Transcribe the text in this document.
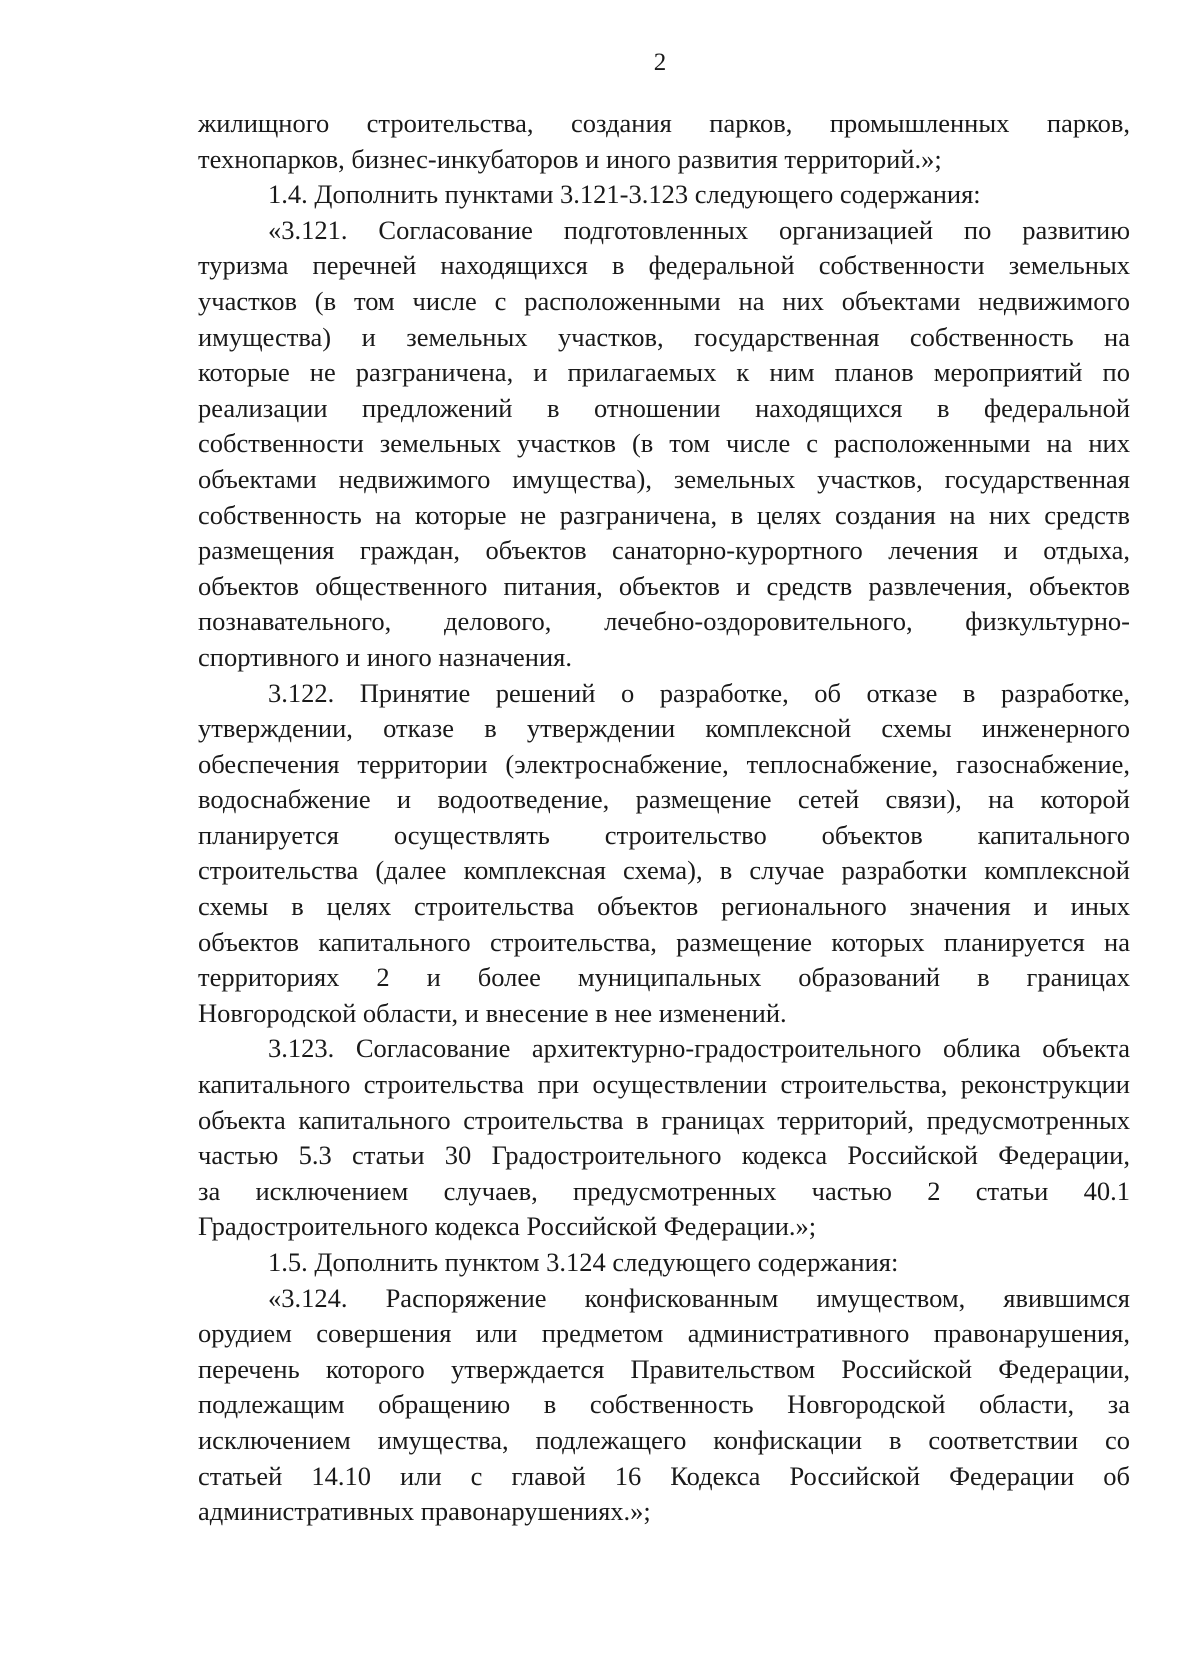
2
жилищного строительства, создания парков, промышленных парков,
технопарков, бизнес-инкубаторов и иного развития территорий.»;
1.4. Дополнить пунктами 3.121-3.123 следующего содержания:
«3.121. Согласование подготовленных организацией по развитию
туризма перечней находящихся в федеральной собственности земельных
участков (в том числе с расположенными на них объектами недвижимого
имущества) и земельных участков, государственная собственность на
которые не разграничена, и прилагаемых к ним планов мероприятий по
реализации предложений в отношении находящихся в федеральной
собственности земельных участков (в том числе с расположенными на них
объектами недвижимого имущества), земельных участков, государственная
собственность на которые не разграничена, в целях создания на них средств
размещения граждан, объектов санаторно-курортного лечения и отдыха,
объектов общественного питания, объектов и средств развлечения, объектов
познавательного, делового, лечебно-оздоровительного, физкультурно-
спортивного и иного назначения.
3.122. Принятие решений о разработке, об отказе в разработке,
утверждении, отказе в утверждении комплексной схемы инженерного
обеспечения территории (электроснабжение, теплоснабжение, газоснабжение,
водоснабжение и водоотведение, размещение сетей связи), на которой
планируется осуществлять строительство объектов капитального
строительства (далее комплексная схема), в случае разработки комплексной
схемы в целях строительства объектов регионального значения и иных
объектов капитального строительства, размещение которых планируется на
территориях 2 и более муниципальных образований в границах
Новгородской области, и внесение в нее изменений.
3.123. Согласование архитектурно-градостроительного облика объекта
капитального строительства при осуществлении строительства, реконструкции
объекта капитального строительства в границах территорий, предусмотренных
частью 5.3 статьи 30 Градостроительного кодекса Российской Федерации,
за исключением случаев, предусмотренных частью 2 статьи 40.1
Градостроительного кодекса Российской Федерации.»;
1.5. Дополнить пунктом 3.124 следующего содержания:
«3.124. Распоряжение конфискованным имуществом, явившимся
орудием совершения или предметом административного правонарушения,
перечень которого утверждается Правительством Российской Федерации,
подлежащим обращению в собственность Новгородской области, за
исключением имущества, подлежащего конфискации в соответствии со
статьей 14.10 или с главой 16 Кодекса Российской Федерации об
административных правонарушениях.»;
